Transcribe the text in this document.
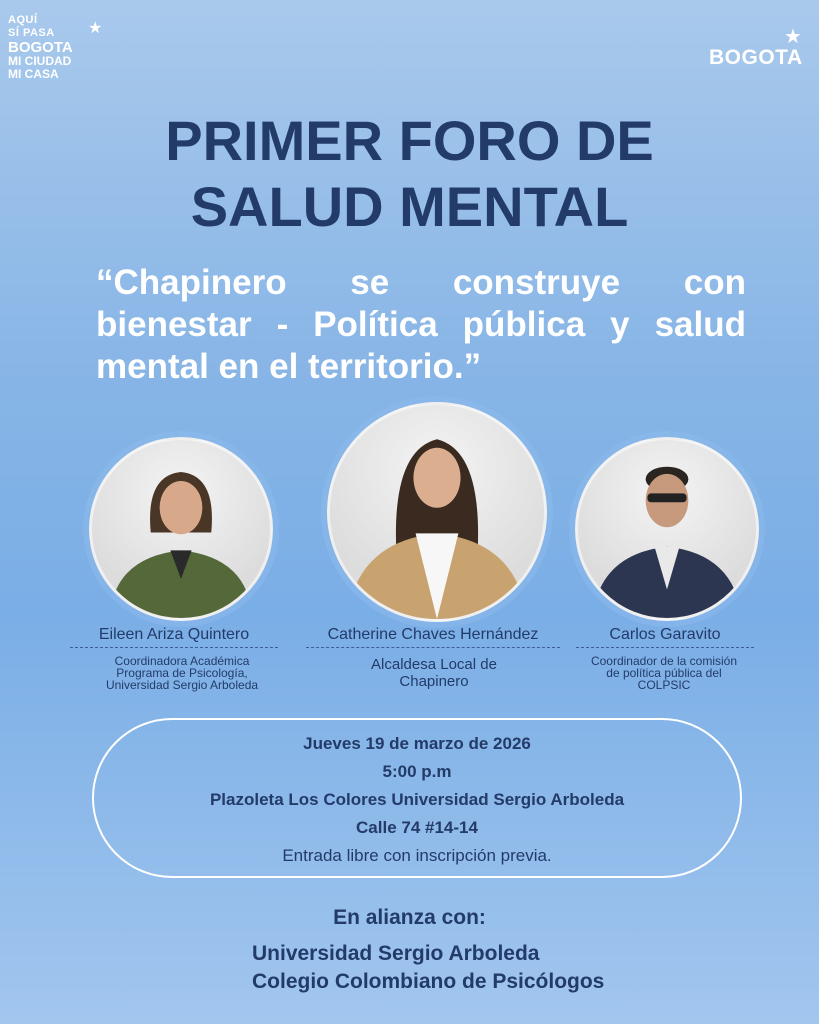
AQUÍ
SÍ PASA
BOGOTA
MI CIUDAD
MI CASA
★	★
BOGOTA
PRIMER FORO DE
SALUD MENTAL

“Chapinero se construye con bienestar - Política pública y salud mental en el territorio.”

Eileen Ariza Quintero	Catherine Chaves Hernández	Carlos Garavito
Coordinadora Académica
Programa de Psicología,
Universidad Sergio Arboleda
Alcaldesa Local de
Chapinero
Coordinador de la comisión
de política pública del
COLPSIC
Jueves 19 de marzo de 2026
5:00 p.m
Plazoleta Los Colores Universidad Sergio Arboleda
Calle 74 #14-14
Entrada libre con inscripción previa.
En alianza con:
Universidad Sergio Arboleda
Colegio Colombiano de Psicólogos
